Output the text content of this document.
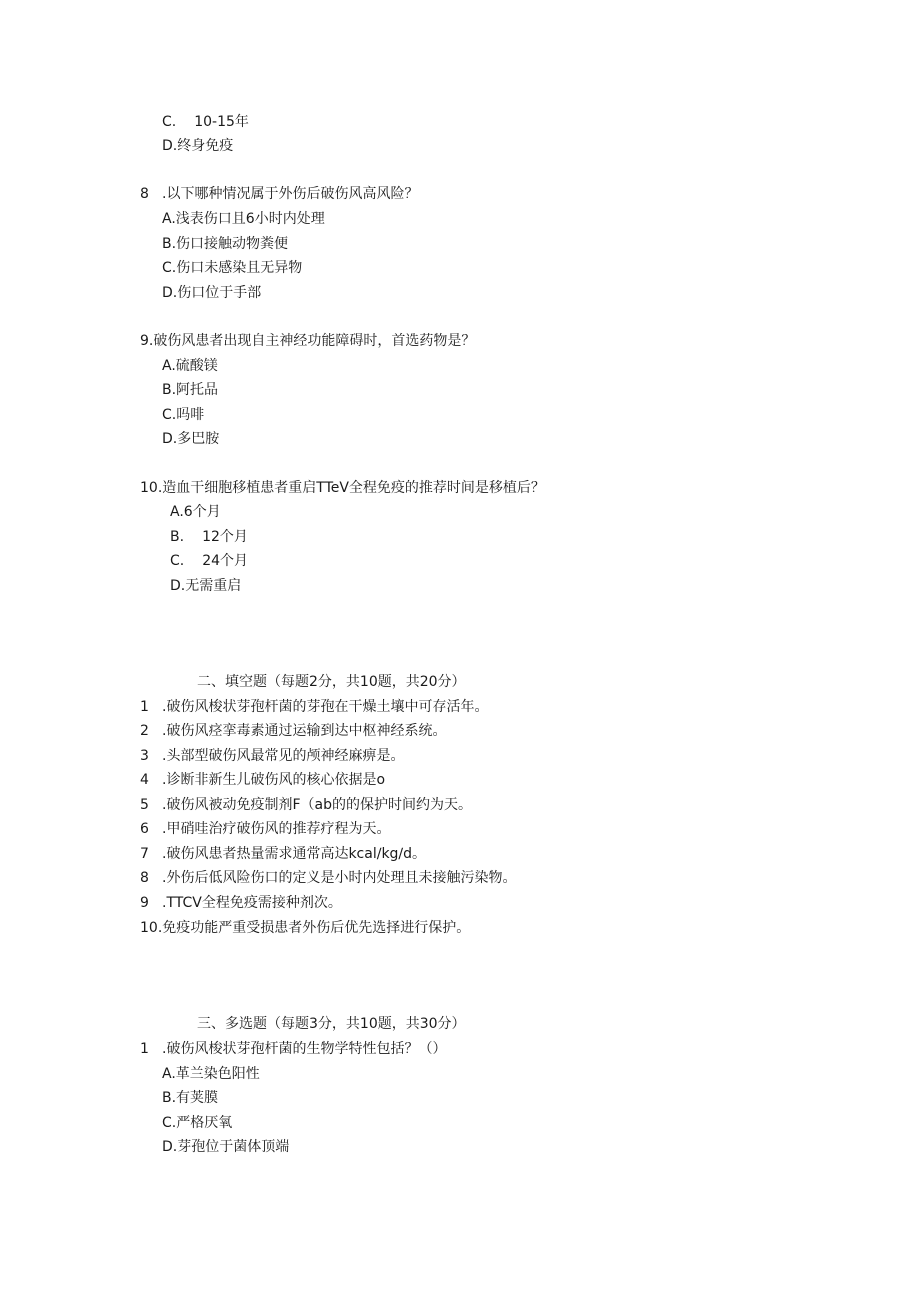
C. 10-15年
D.终身免疫
8 .以下哪种情况属于外伤后破伤风高风险？
A.浅表伤口且6小时内处理
B.伤口接触动物粪便
C.伤口未感染且无异物
D.伤口位于手部
9.破伤风患者出现自主神经功能障碍时，首选药物是？
A.硫酸镁
B.阿托品
C.吗啡
D.多巴胺
10.造血干细胞移植患者重启TTeV全程免疫的推荐时间是移植后？
A.6个月
B. 12个月
C. 24个月
D.无需重启
二、填空题（每题2分，共10题，共20分）
1 .破伤风梭状芽孢杆菌的芽孢在干燥土壤中可存活年。
2 .破伤风痉挛毒素通过运输到达中枢神经系统。
3 .头部型破伤风最常见的颅神经麻痹是。
4 .诊断非新生儿破伤风的核心依据是o
5 .破伤风被动免疫制剂F（ab的的保护时间约为天。
6 .甲硝哇治疗破伤风的推荐疗程为天。
7 .破伤风患者热量需求通常高达kcal∕kg∕d。
8 .外伤后低风险伤口的定义是小时内处理且未接触污染物。
9 .TTCV全程免疫需接种剂次。
10.免疫功能严重受损患者外伤后优先选择进行保护。
三、多选题（每题3分，共10题，共30分）
1 .破伤风梭状芽孢杆菌的生物学特性包括？（）
A.革兰染色阳性
B.有荚膜
C.严格厌氧
D.芽孢位于菌体顶端
